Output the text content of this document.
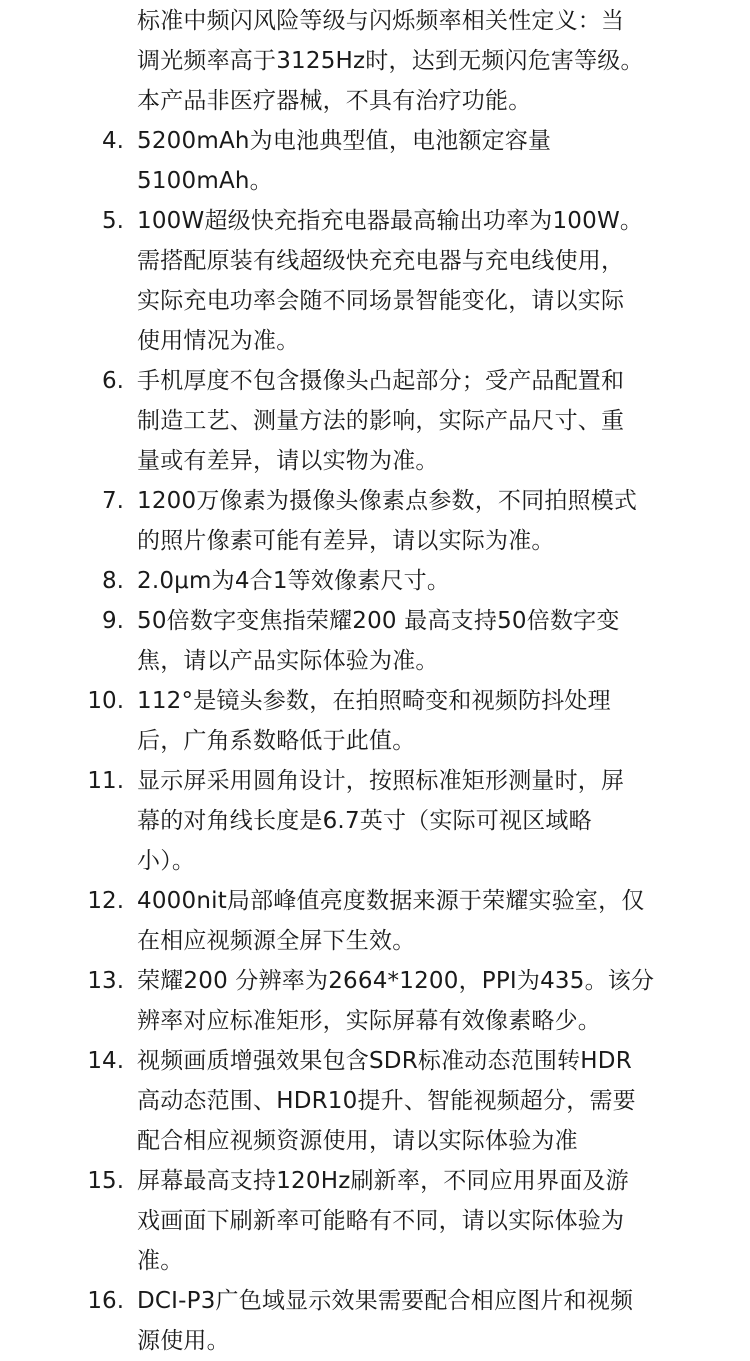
标准中频闪风险等级与闪烁频率相关性定义：当
调光频率高于3125Hz时，达到无频闪危害等级。
本产品非医疗器械，不具有治疗功能。
4. 5200mAh为电池典型值，电池额定容量
5100mAh。
5. 100W超级快充指充电器最高输出功率为100W。
需搭配原装有线超级快充充电器与充电线使用，
实际充电功率会随不同场景智能变化，请以实际
使用情况为准。
6. 手机厚度不包含摄像头凸起部分；受产品配置和
制造工艺、测量方法的影响，实际产品尺寸、重
量或有差异，请以实物为准。
7. 1200万像素为摄像头像素点参数，不同拍照模式
的照片像素可能有差异，请以实际为准。
8. 2.0μm为4合1等效像素尺寸。
9. 50倍数字变焦指荣耀200 最高支持50倍数字变
焦，请以产品实际体验为准。
10. 112°是镜头参数，在拍照畸变和视频防抖处理
后，广角系数略低于此值。
11. 显示屏采用圆角设计，按照标准矩形测量时，屏
幕的对角线长度是6.7英寸（实际可视区域略
小）。
12. 4000nit局部峰值亮度数据来源于荣耀实验室，仅
在相应视频源全屏下生效。
13. 荣耀200 分辨率为2664*1200，PPI为435。该分
辨率对应标准矩形，实际屏幕有效像素略少。
14. 视频画质增强效果包含SDR标准动态范围转HDR
高动态范围、HDR10提升、智能视频超分，需要
配合相应视频资源使用，请以实际体验为准
15. 屏幕最高支持120Hz刷新率，不同应用界面及游
戏画面下刷新率可能略有不同，请以实际体验为
准。
16. DCI-P3广色域显示效果需要配合相应图片和视频
源使用。
